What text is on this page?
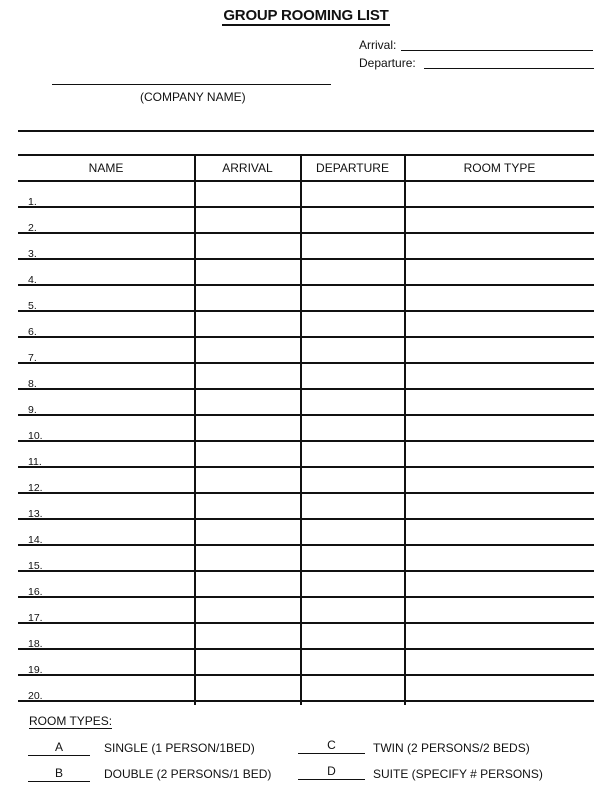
GROUP ROOMING LIST
Arrival:
Departure:
(COMPANY NAME)
NAME	ARRIVAL	DEPARTURE	ROOM TYPE
1.
2.
3.
4.
5.
6.
7.
8.
9.
10.
11.
12.
13.
14.
15.
16.
17.
18.
19.
20.
ROOM TYPES:
A	SINGLE (1 PERSON/1BED)	C	TWIN (2 PERSONS/2 BEDS)
B	DOUBLE (2 PERSONS/1 BED)	D	SUITE (SPECIFY # PERSONS)
